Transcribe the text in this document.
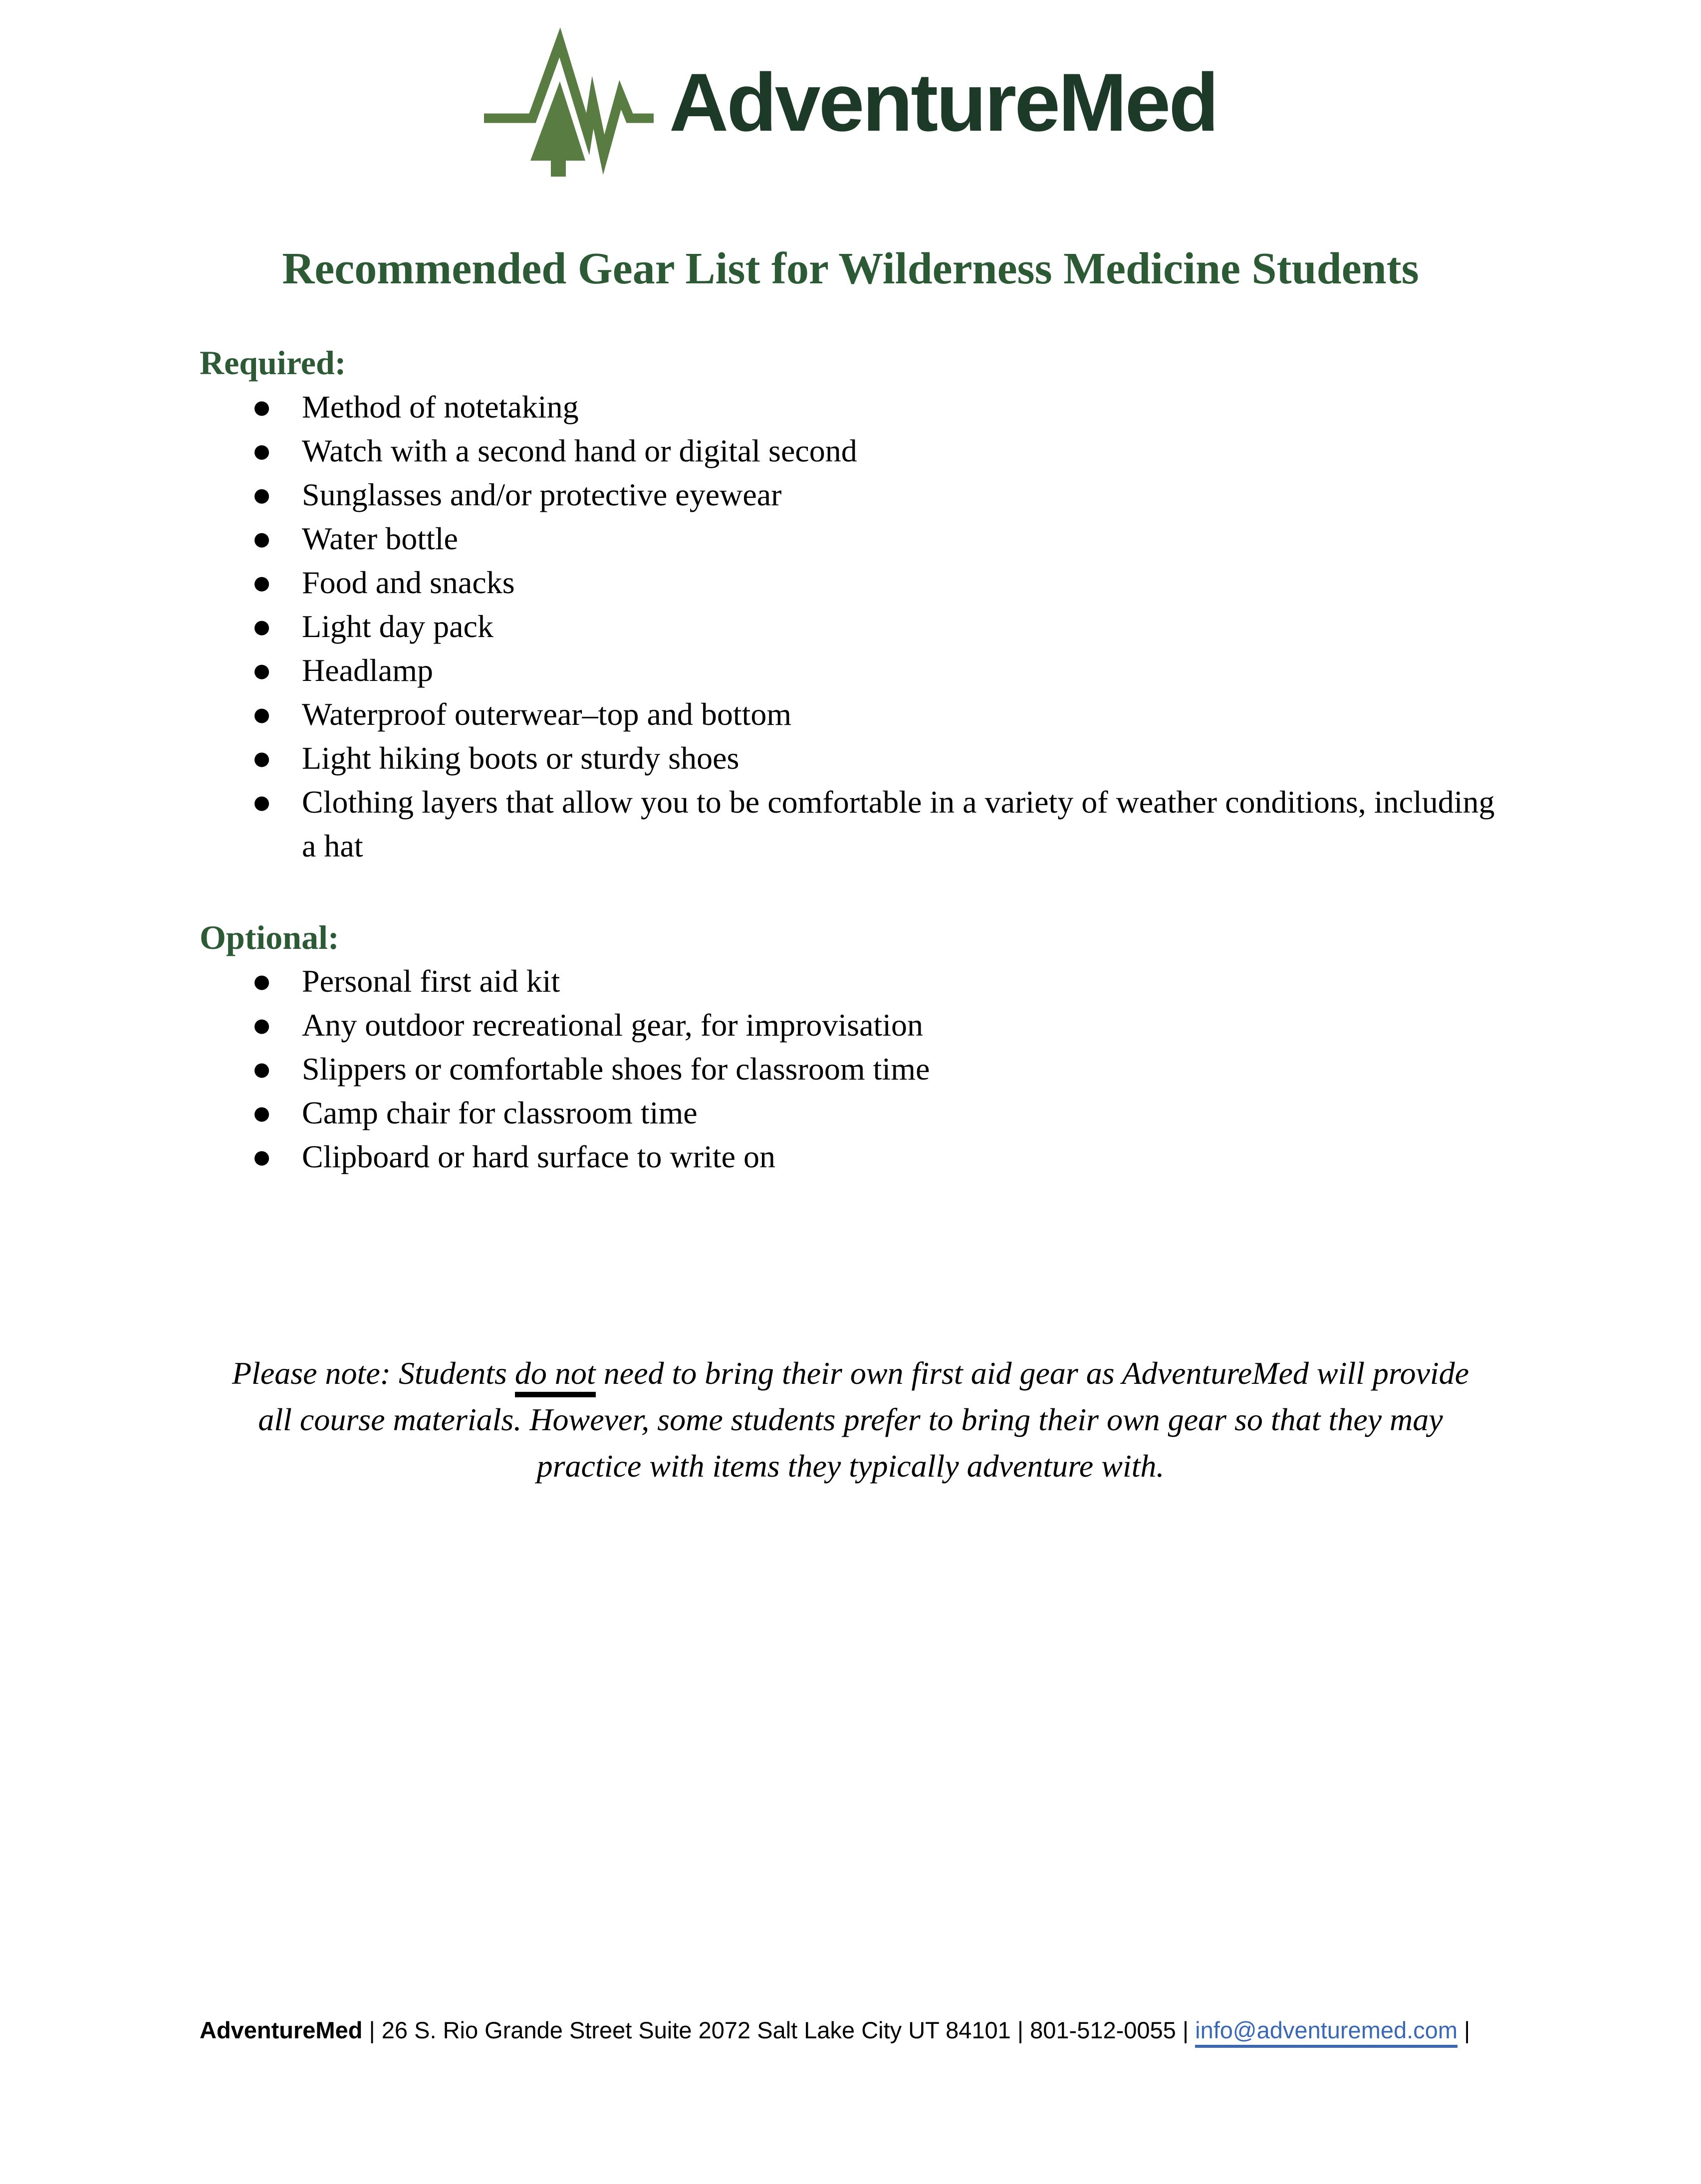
AdventureMed
Recommended Gear List for Wilderness Medicine Students
Required:
● Method of notetaking
● Watch with a second hand or digital second
● Sunglasses and/or protective eyewear
● Water bottle
● Food and snacks
● Light day pack
● Headlamp
● Waterproof outerwear–top and bottom
● Light hiking boots or sturdy shoes
● Clothing layers that allow you to be comfortable in a variety of weather conditions, including a hat
Optional:
● Personal first aid kit
● Any outdoor recreational gear, for improvisation
● Slippers or comfortable shoes for classroom time
● Camp chair for classroom time
● Clipboard or hard surface to write on
Please note: Students do not need to bring their own first aid gear as AdventureMed will provide
all course materials. However, some students prefer to bring their own gear so that they may
practice with items they typically adventure with.
AdventureMed | 26 S. Rio Grande Street Suite 2072 Salt Lake City UT 84101 | 801-512-0055 | info@adventuremed.com |
